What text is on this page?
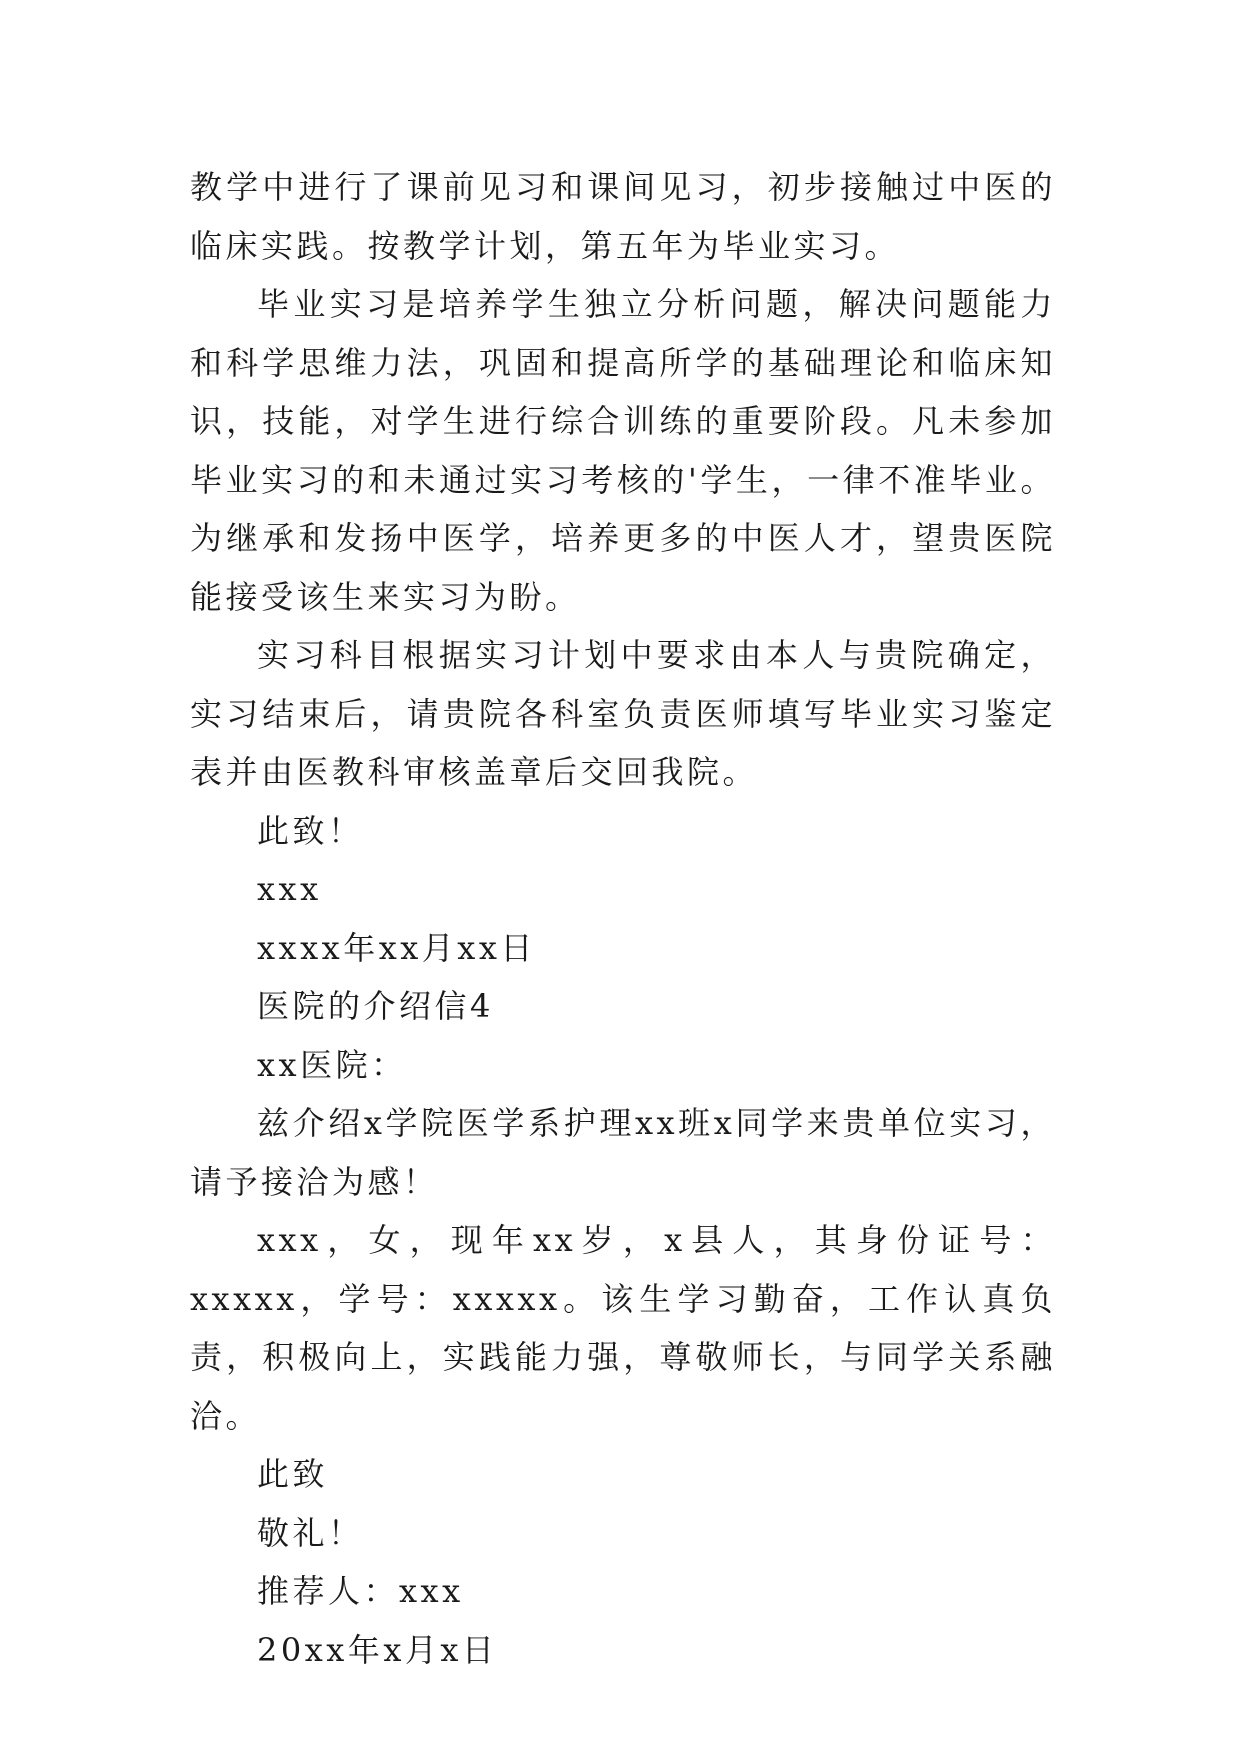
教学中进行了课前见习和课间见习，初步接触过中医的临床实践。按教学计划，第五年为毕业实习。

毕业实习是培养学生独立分析问题，解决问题能力和科学思维力法，巩固和提高所学的基础理论和临床知识，技能，对学生进行综合训练的重要阶段。凡未参加毕业实习的和未通过实习考核的'学生，一律不准毕业。为继承和发扬中医学，培养更多的中医人才，望贵医院能接受该生来实习为盼。

实习科目根据实习计划中要求由本人与贵院确定，实习结束后，请贵院各科室负责医师填写毕业实习鉴定表并由医教科审核盖章后交回我院。

此致！

xxx

xxxx年xx月xx日

医院的介绍信4

xx医院：

兹介绍x学院医学系护理xx班x同学来贵单位实习，请予接洽为感！

xxx，女，现年xx岁，x县人，其身份证号：xxxxx，学号：xxxxx。该生学习勤奋，工作认真负责，积极向上，实践能力强，尊敬师长，与同学关系融洽。

此致

敬礼！

推荐人：xxx

20xx年x月x日
